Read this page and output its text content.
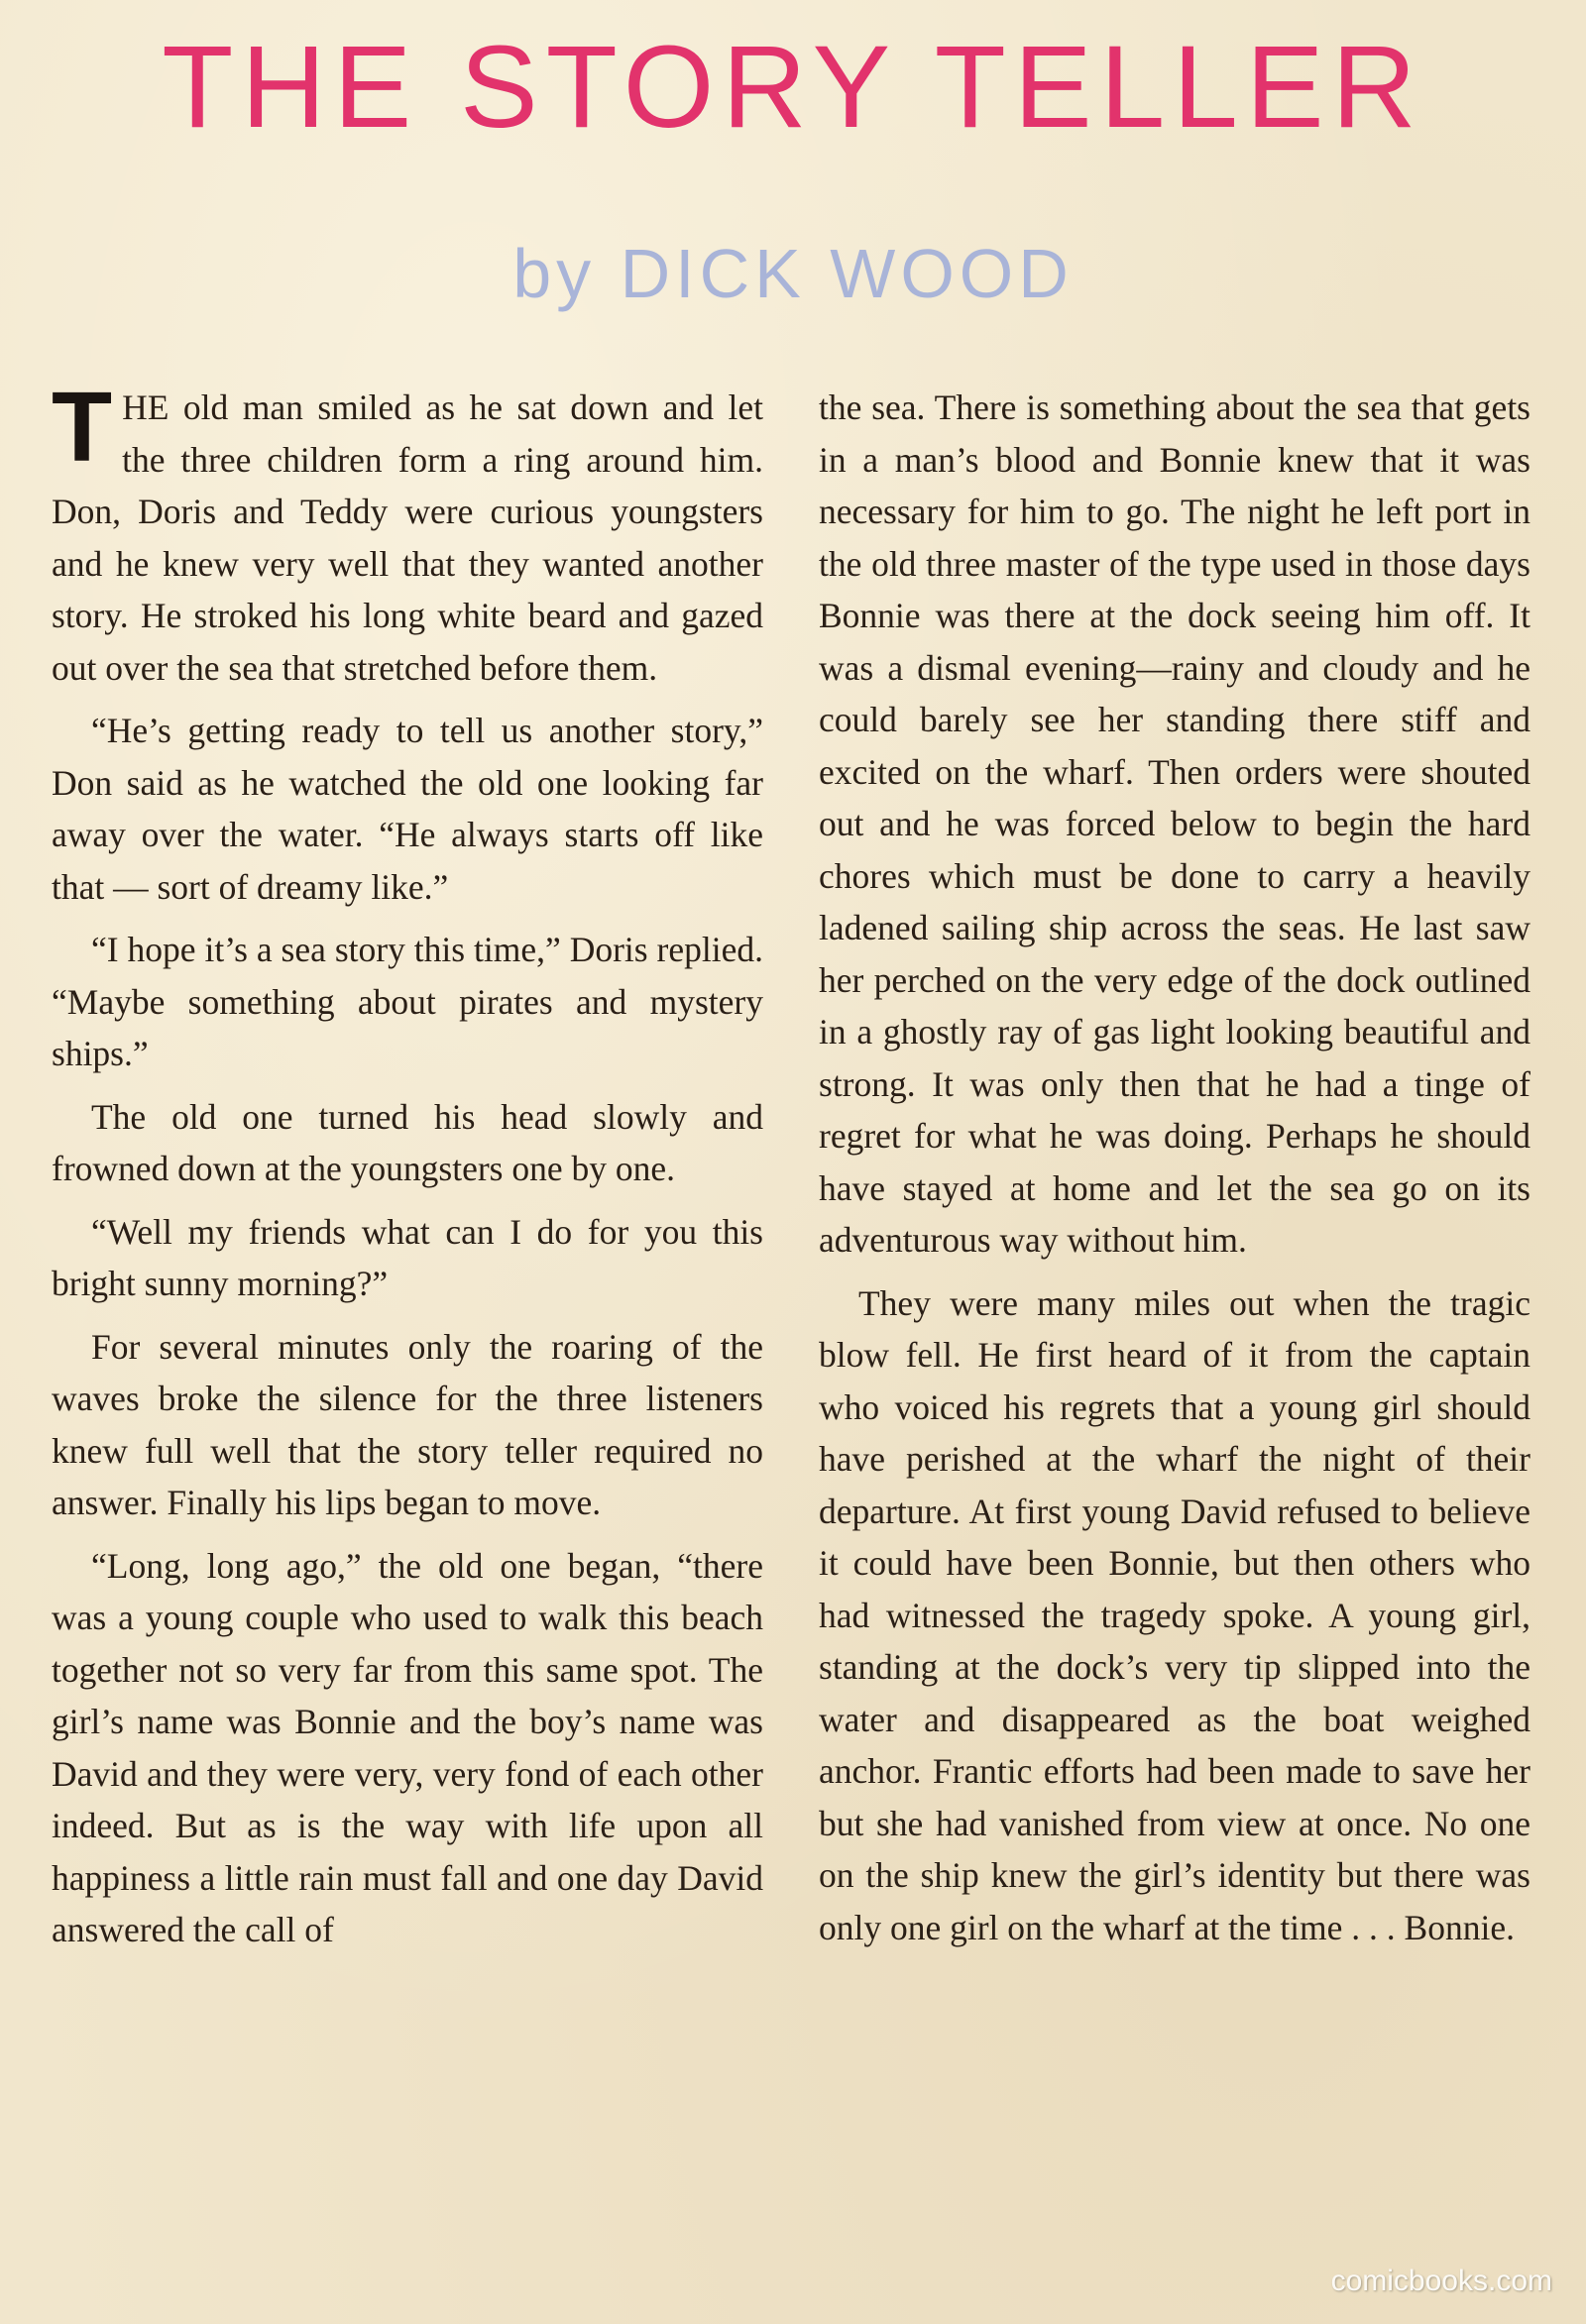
THE STORY TELLER
by DICK WOOD

THE old man smiled as he sat down and let the three children form a ring around him. Don, Doris and Teddy were curious youngsters and he knew very well that they wanted another story. He stroked his long white beard and gazed out over the sea that stretched before them.

“He’s getting ready to tell us another story,” Don said as he watched the old one looking far away over the water. “He always starts off like that — sort of dreamy like.”

“I hope it’s a sea story this time,” Doris replied. “Maybe something about pirates and mystery ships.”

The old one turned his head slowly and frowned down at the youngsters one by one.

“Well my friends what can I do for you this bright sunny morning?”

For several minutes only the roaring of the waves broke the silence for the three listeners knew full well that the story teller required no answer. Finally his lips began to move.

“Long, long ago,” the old one began, “there was a young couple who used to walk this beach together not so very far from this same spot. The girl’s name was Bonnie and the boy’s name was David and they were very, very fond of each other indeed. But as is the way with life upon all happiness a little rain must fall and one day David answered the call of

the sea. There is something about the sea that gets in a man’s blood and Bonnie knew that it was necessary for him to go. The night he left port in the old three master of the type used in those days Bonnie was there at the dock seeing him off. It was a dismal evening—rainy and cloudy and he could barely see her standing there stiff and excited on the wharf. Then orders were shouted out and he was forced below to begin the hard chores which must be done to carry a heavily ladened sailing ship across the seas. He last saw her perched on the very edge of the dock outlined in a ghostly ray of gas light looking beautiful and strong. It was only then that he had a tinge of regret for what he was doing. Perhaps he should have stayed at home and let the sea go on its adventurous way without him.

They were many miles out when the tragic blow fell. He first heard of it from the captain who voiced his regrets that a young girl should have perished at the wharf the night of their departure. At first young David refused to believe it could have been Bonnie, but then others who had witnessed the tragedy spoke. A young girl, standing at the dock’s very tip slipped into the water and disappeared as the boat weighed anchor. Frantic efforts had been made to save her but she had vanished from view at once. No one on the ship knew the girl’s identity but there was only one girl on the wharf at the time . . . Bonnie.

comicbooks.com
